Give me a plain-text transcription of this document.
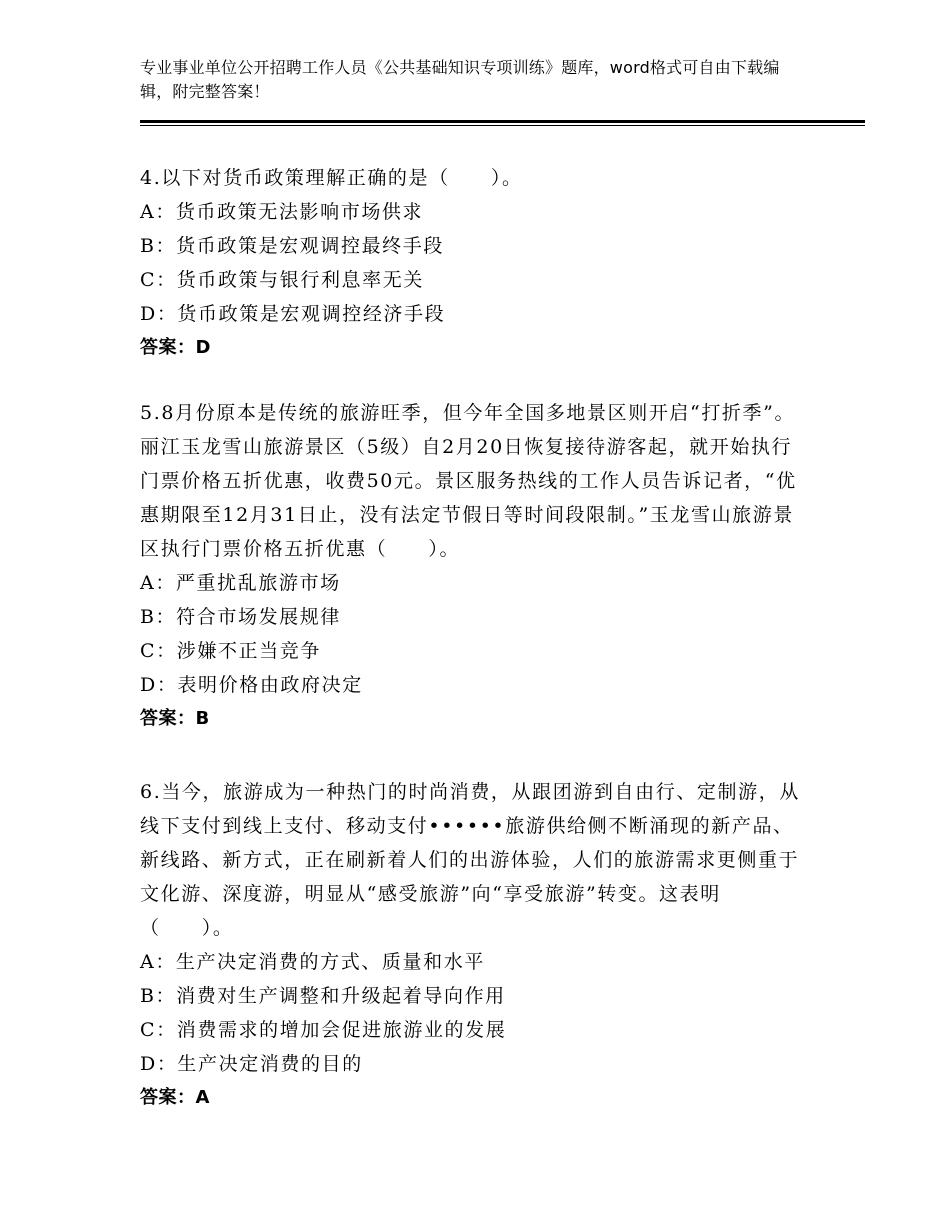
专业事业单位公开招聘工作人员《公共基础知识专项训练》题库，word格式可自由下载编辑，附完整答案！

4.以下对货币政策理解正确的是（　　）。

A：货币政策无法影响市场供求

B：货币政策是宏观调控最终手段

C：货币政策与银行利息率无关

D：货币政策是宏观调控经济手段

答案：D

5.8月份原本是传统的旅游旺季，但今年全国多地景区则开启“打折季”。丽江玉龙雪山旅游景区（5级）自2月20日恢复接待游客起，就开始执行门票价格五折优惠，收费50元。景区服务热线的工作人员告诉记者，“优惠期限至12月31日止，没有法定节假日等时间段限制。”玉龙雪山旅游景区执行门票价格五折优惠（　　）。

A：严重扰乱旅游市场

B：符合市场发展规律

C：涉嫌不正当竞争

D：表明价格由政府决定

答案：B

6.当今，旅游成为一种热门的时尚消费，从跟团游到自由行、定制游，从线下支付到线上支付、移动支付••••••旅游供给侧不断涌现的新产品、新线路、新方式，正在刷新着人们的出游体验，人们的旅游需求更侧重于文化游、深度游，明显从“感受旅游”向“享受旅游”转变。这表明（　　）。

A：生产决定消费的方式、质量和水平

B：消费对生产调整和升级起着导向作用

C：消费需求的增加会促进旅游业的发展

D：生产决定消费的目的

答案：A
